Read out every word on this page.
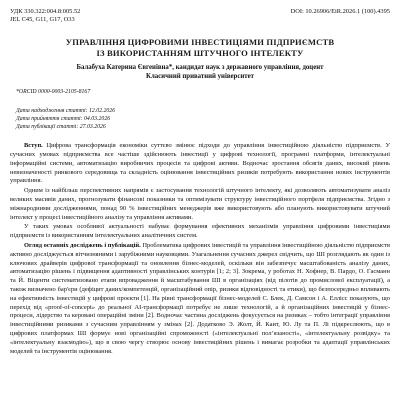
УДК 330.322:004.8:005.52
JEL C45, G11, G17, O33
DOI: 10.26906/EiR.2026.1 (100).4395
УПРАВЛІННЯ ЦИФРОВИМИ ІНВЕСТИЦІЯМИ ПІДПРИЄМСТВ
ІЗ ВИКОРИСТАННЯМ ШТУЧНОГО ІНТЕЛЕКТУ
Балабуха Катерина Євгенівна*, кандидат наук з державного управління, доцент
Класичний приватний університет
*ORCID 0000-0003-2105-8167
Дата надходження статті: 12.02.2026
Дата прийняття статті: 04.03.2026
Дата публікації статті: 27.03.2026

Вступ. Цифрова трансформація економіки суттєво змінює підходи до управління інвестиційною діяльністю підприємств. У сучасних умовах підприємства все частіше здійснюють інвестиції у цифрові технології, програмні платформи, інтелектуальні інформаційні системи, автоматизацію виробничих процесів та цифрові активи. Водночас зростання обсягів даних, високий рівень невизначеності ринкового середовища та складність оцінювання інвестиційних ризиків потребують використання нових інструментів управління.

Одним із найбільш перспективних напрямів є застосування технологій штучного інтелекту, які дозволяють автоматизувати аналіз великих масивів даних, прогнозувати фінансові показники та оптимізувати структуру інвестиційного портфеля підприємства. Згідно з міжнародними дослідженнями, понад 90 % інвестиційних менеджерів вже використовують або планують використовувати штучний інтелект у процесі інвестиційного аналізу та управління активами.

У таких умовах особливої актуальності набуває формування ефективних механізмів управління цифровими інвестиціями підприємств із використанням інтелектуальних аналітичних систем.

Огляд останніх досліджень і публікацій. Проблематика цифрових інвестицій та управління інвестиційною діяльністю підприємств активно досліджується вітчизняними і зарубіжними науковцями. Узагальнення сучасних джерел свідчить, що ШІ розглядають як один із ключових драйверів цифрової трансформації та оновлення бізнес-моделей, оскільки він забезпечує масштабованість аналізу даних, автоматизацію рішень і підвищення адаптивності управлінських контурів [1; 2; 3]. Зокрема, у роботах Н. Хофнер, В. Пардо, О. Гасманн та Й. Віценти систематизовано етапи впровадження й масштабування ШІ в організаціях (від пілотів до промислової експлуатації), а також визначено бар'єри (дефіцит даних/компетенцій, організаційний опір, ризики відповідності та етики), що безпосередньо впливають на ефективність інвестицій у цифрові проєкти [1]. На рівні трансформації бізнес-моделей С. Блек, Д. Самсон і А. Еллісс показують, що перехід від «proof-of-concept» до реальної AI-трансформації потребує не лише технологій, а й організаційних інвестицій у бізнес-процеси, лідерство та керовані операційні зміни [2]. Водночас частина досліджень фокусується на ризиках – тобто інтеграції управління інвестиційними ризиками з сучасним управлінням у змінах [2]. Додатково Э. Жолт, Й. Каит, Ю. Лу та П. Лі підкреслюють, що в цифрових платформах ШІ формує нові організаційні спроможності («інтелектуальні пол’язаності», «інтелектуальну розвідку» та «інтелектуальну взаємодію»), що в свою чергу створює основу інвестиційних рішень і вимагає розробки та адаптації управлінських моделей та інструментів оцінювання.
